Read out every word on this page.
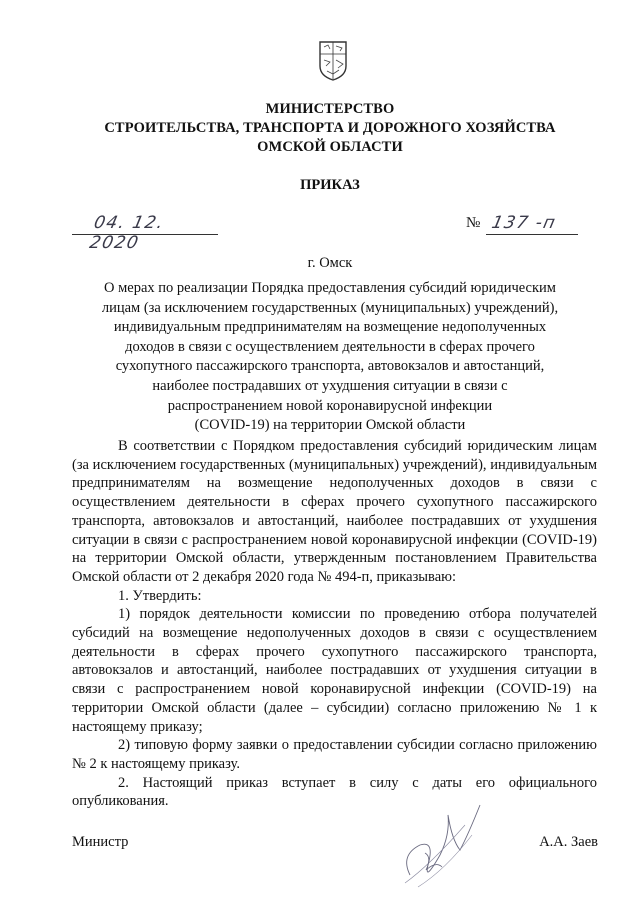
МИНИСТЕРСТВО
СТРОИТЕЛЬСТВА, ТРАНСПОРТА И ДОРОЖНОГО ХОЗЯЙСТВА
ОМСКОЙ ОБЛАСТИ
ПРИКАЗ
04. 12. 2020
№ 137 -п
г. Омск
О мерах по реализации Порядка предоставления субсидий юридическим
лицам (за исключением государственных (муниципальных) учреждений),
индивидуальным предпринимателям на возмещение недополученных
доходов в связи с осуществлением деятельности в сферах прочего
сухопутного пассажирского транспорта, автовокзалов и автостанций,
наиболее пострадавших от ухудшения ситуации в связи с
распространением новой коронавирусной инфекции
(COVID-19) на территории Омской области

В соответствии с Порядком предоставления субсидий юридическим лицам (за исключением государственных (муниципальных) учреждений), индивидуальным предпринимателям на возмещение недополученных доходов в связи с осуществлением деятельности в сферах прочего сухопутного пассажирского транспорта, автовокзалов и автостанций, наиболее пострадавших от ухудшения ситуации в связи с распространением новой коронавирусной инфекции (COVID-19) на территории Омской области, утвержденным постановлением Правительства Омской области от 2 декабря 2020 года № 494-п, приказываю:

1. Утвердить:

1) порядок деятельности комиссии по проведению отбора получателей субсидий на возмещение недополученных доходов в связи с осуществлением деятельности в сферах прочего сухопутного пассажирского транспорта, автовокзалов и автостанций, наиболее пострадавших от ухудшения ситуации в связи с распространением новой коронавирусной инфекции (COVID-19) на территории Омской области (далее – субсидии) согласно приложению № 1 к настоящему приказу;

2) типовую форму заявки о предоставлении субсидии согласно приложению № 2 к настоящему приказу.

2. Настоящий приказ вступает в силу с даты его официального опубликования.

Министр	А.А. Заев
